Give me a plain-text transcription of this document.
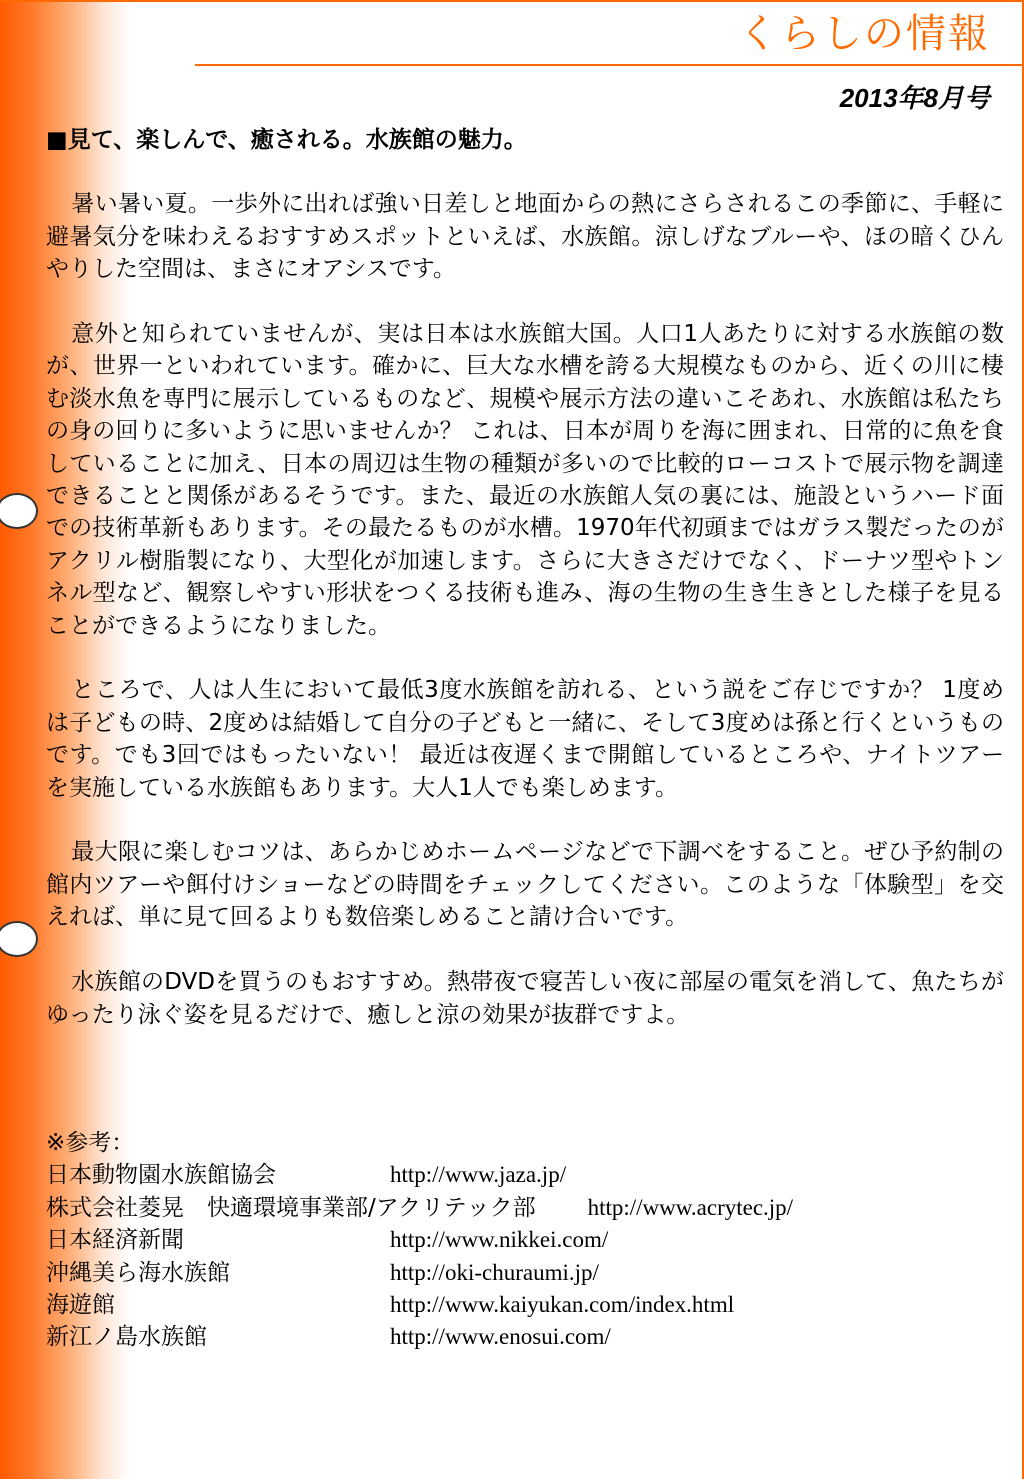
くらしの情報
2013年8月号
■見て、楽しんで、癒される。水族館の魅力。

暑い暑い夏。一歩外に出れば強い日差しと地面からの熱にさらされるこの季節に、手軽に避暑気分を味わえるおすすめスポットといえば、水族館。涼しげなブルーや、ほの暗くひんやりした空間は、まさにオアシスです。

意外と知られていませんが、実は日本は水族館大国。人口1人あたりに対する水族館の数が、世界一といわれています。確かに、巨大な水槽を誇る大規模なものから、近くの川に棲む淡水魚を専門に展示しているものなど、規模や展示方法の違いこそあれ、水族館は私たちの身の回りに多いように思いませんか？ これは、日本が周りを海に囲まれ、日常的に魚を食していることに加え、日本の周辺は生物の種類が多いので比較的ローコストで展示物を調達できることと関係があるそうです。また、最近の水族館人気の裏には、施設というハード面での技術革新もあります。その最たるものが水槽。1970年代初頭まではガラス製だったのがアクリル樹脂製になり、大型化が加速します。さらに大きさだけでなく、ドーナツ型やトンネル型など、観察しやすい形状をつくる技術も進み、海の生物の生き生きとした様子を見ることができるようになりました。

ところで、人は人生において最低3度水族館を訪れる、という説をご存じですか？ 1度めは子どもの時、2度めは結婚して自分の子どもと一緒に、そして3度めは孫と行くというものです。でも3回ではもったいない！ 最近は夜遅くまで開館しているところや、ナイトツアーを実施している水族館もあります。大人1人でも楽しめます。

最大限に楽しむコツは、あらかじめホームページなどで下調べをすること。ぜひ予約制の館内ツアーや餌付けショーなどの時間をチェックしてください。このような「体験型」を交えれば、単に見て回るよりも数倍楽しめること請け合いです。

水族館のDVDを買うのもおすすめ。熱帯夜で寝苦しい夜に部屋の電気を消して、魚たちがゆったり泳ぐ姿を見るだけで、癒しと涼の効果が抜群ですよ。

※参考：
日本動物園水族館協会	http://www.jaza.jp/
株式会社菱晃　快適環境事業部/アクリテック部 http://www.acrytec.jp/
日本経済新聞	http://www.nikkei.com/
沖縄美ら海水族館	http://oki-churaumi.jp/
海遊館	http://www.kaiyukan.com/index.html
新江ノ島水族館	http://www.enosui.com/
